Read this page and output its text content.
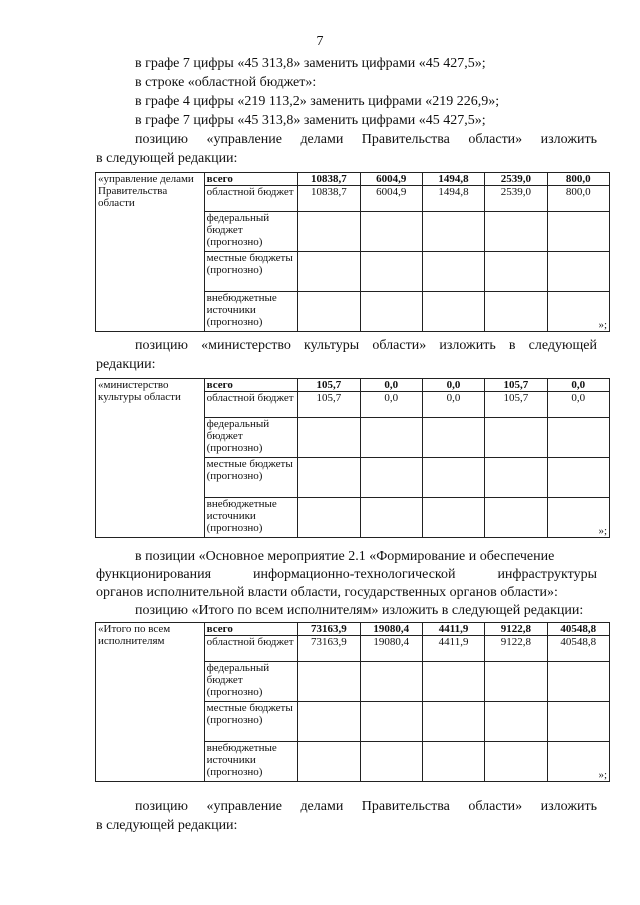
7
в графе 7 цифры «45 313,8» заменить цифрами «45 427,5»;
в строке «областной бюджет»:
в графе 4 цифры «219 113,2» заменить цифрами «219 226,9»;
в графе 7 цифры «45 313,8» заменить цифрами «45 427,5»;
позицию «управление делами Правительства области» изложить
в следующей редакции:
«управление делами Правительства области	всего	10838,7	6004,9	1494,8	2539,0	800,0
	областной бюджет	10838,7	6004,9	1494,8	2539,0	800,0
	федеральный бюджет (прогнозно)					
	местные бюджеты (прогнозно)					
	внебюджетные источники (прогнозно)					»;
позицию «министерство культуры области» изложить в следующей
редакции:
«министерство культуры области	всего	105,7	0,0	0,0	105,7	0,0
	областной бюджет	105,7	0,0	0,0	105,7	0,0
	федеральный бюджет (прогнозно)					
	местные бюджеты (прогнозно)					
	внебюджетные источники (прогнозно)					»;
в позиции «Основное мероприятие 2.1 «Формирование и обеспечение
функционирования	информационно-технологической	инфраструктуры
органов исполнительной власти области, государственных органов области»:
позицию «Итого по всем исполнителям» изложить в следующей редакции:
«Итого по всем исполнителям	всего	73163,9	19080,4	4411,9	9122,8	40548,8
	областной бюджет	73163,9	19080,4	4411,9	9122,8	40548,8
	федеральный бюджет (прогнозно)					
	местные бюджеты (прогнозно)					
	внебюджетные источники (прогнозно)					»;
позицию «управление делами Правительства области» изложить
в следующей редакции:
